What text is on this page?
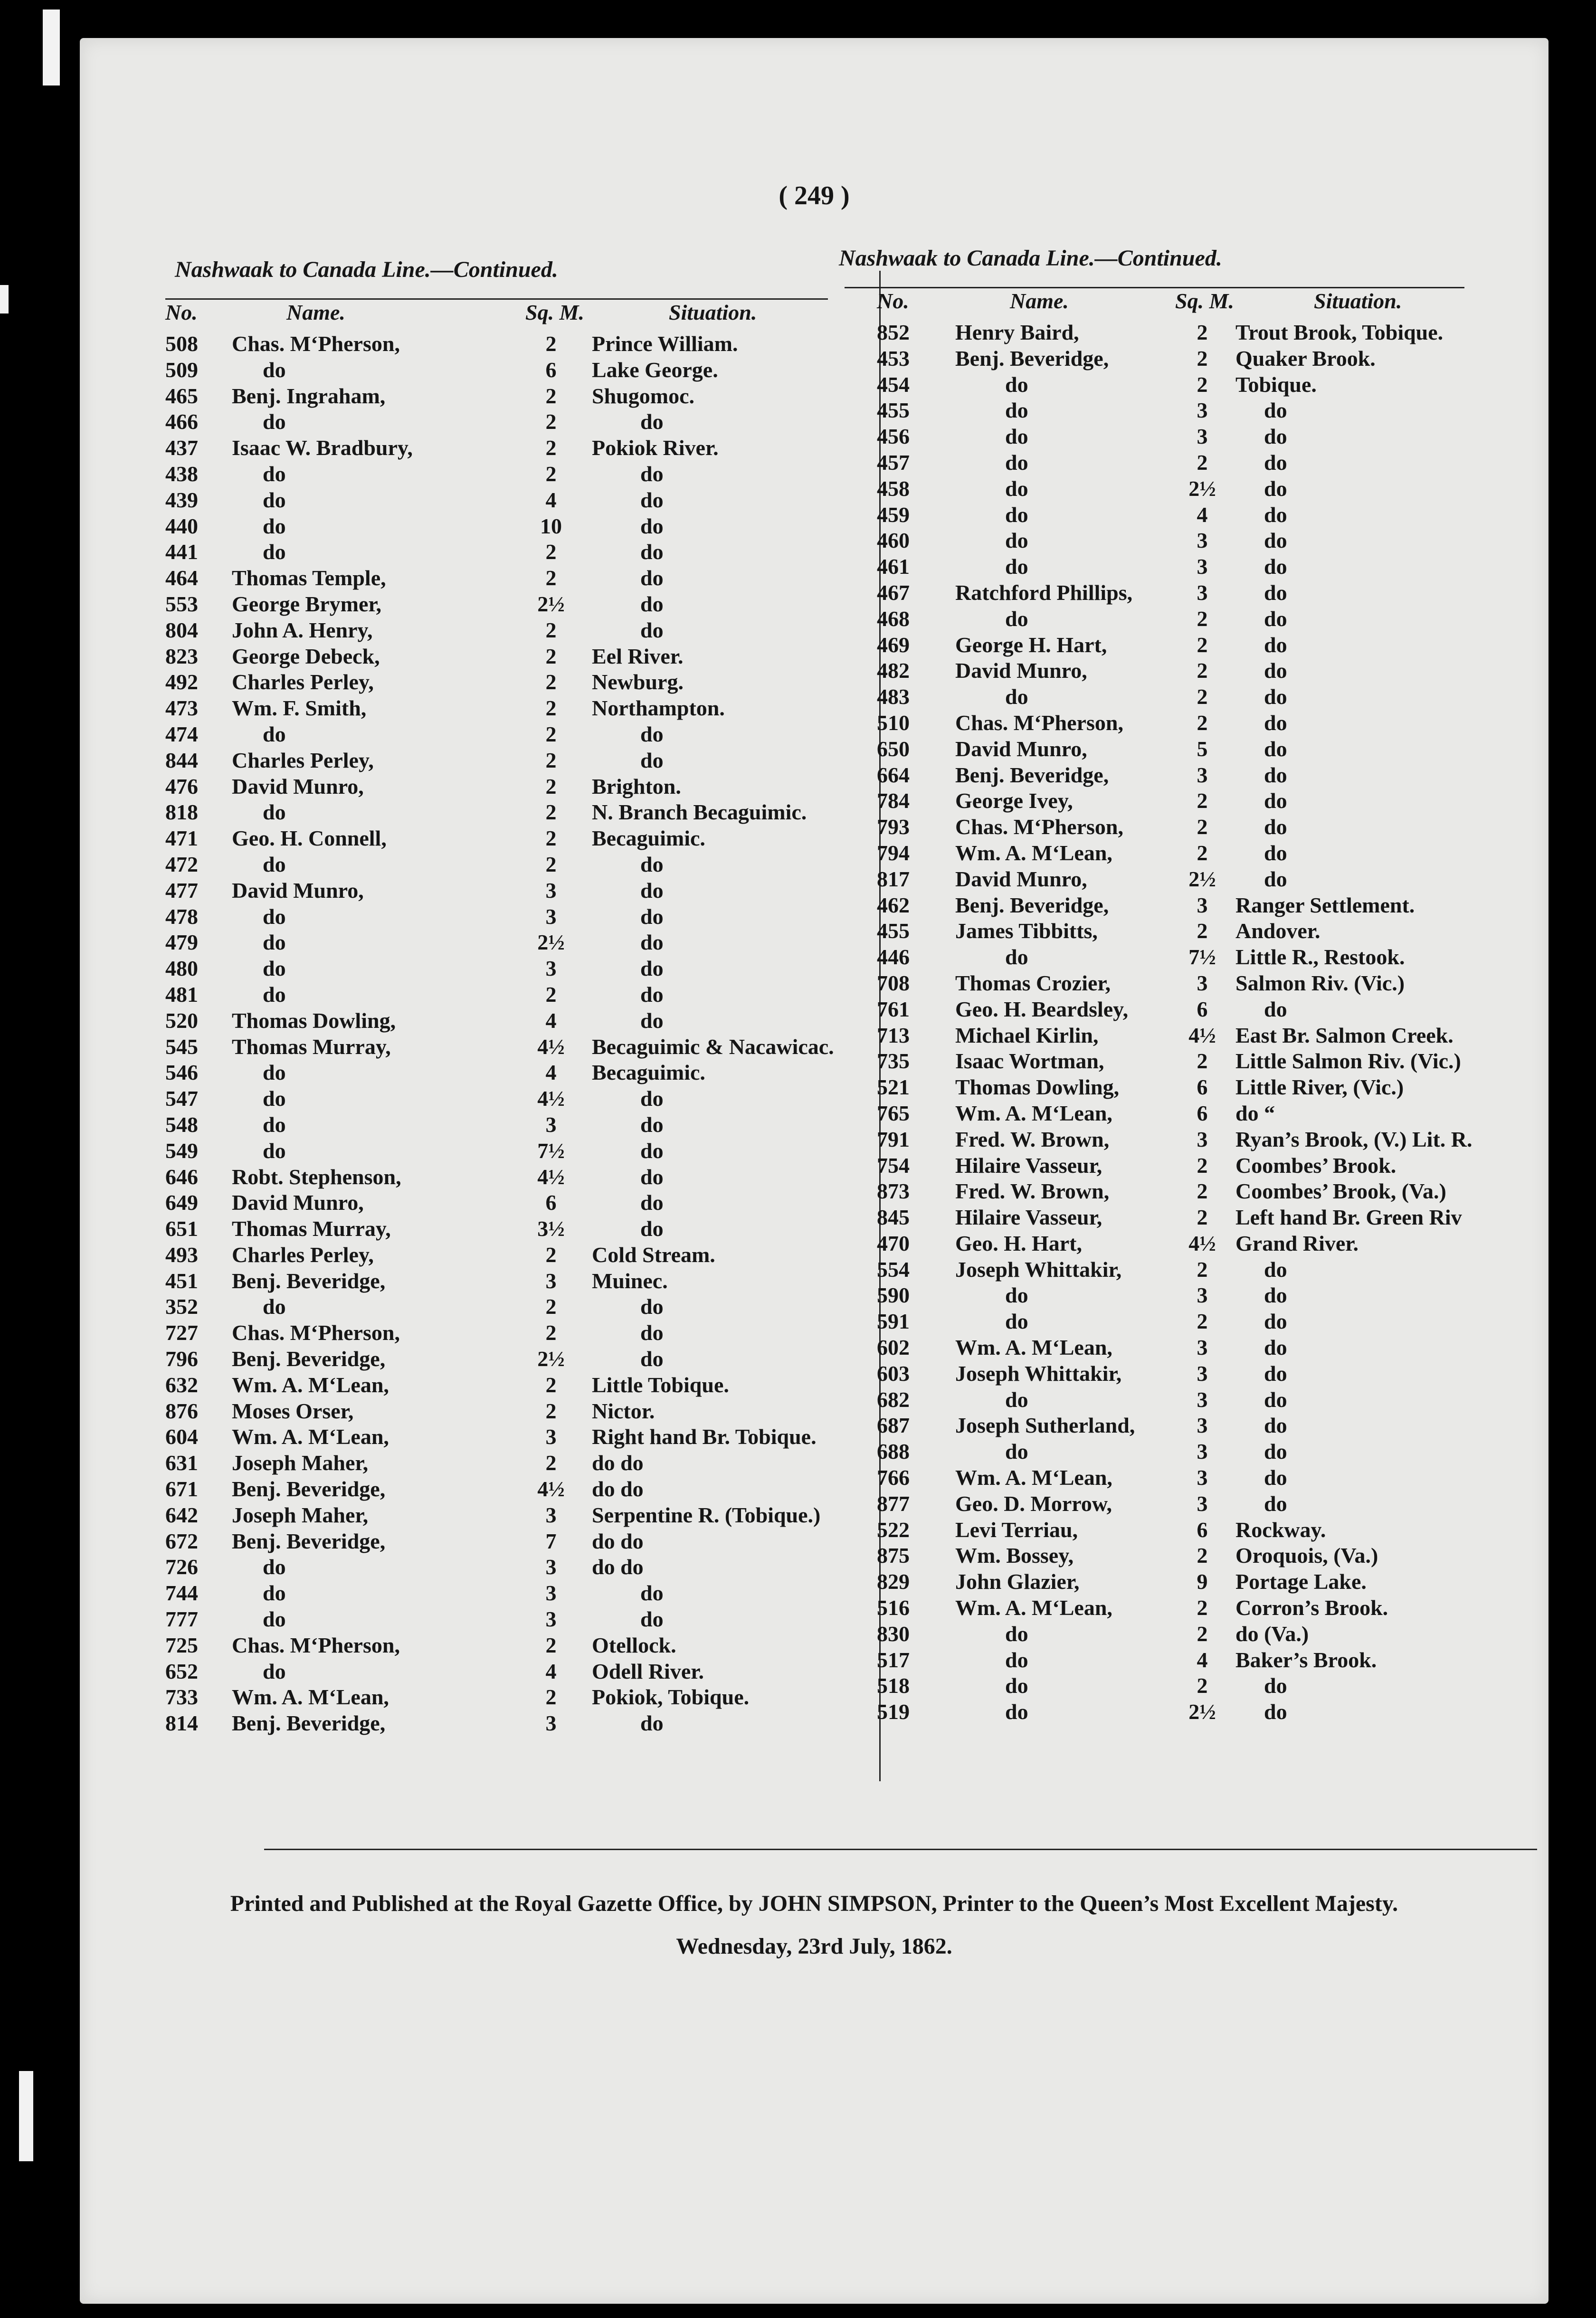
( 249 )
Nashwaak to Canada Line.—Continued.
No.	Name.	Sq. M.	Situation.
508 Chas. M‘Pherson,	2	Prince William.
509	do	6	Lake George.
465 Benj. Ingraham,	2	Shugomoc.
466	do	2	do
437 Isaac W. Bradbury,	2	Pokiok River.
438	do	2	do
439	do	4	do
440	do	10	do
441	do	2	do
464 Thomas Temple,	2	do
553 George Brymer,	2½	do
804 John A. Henry,	2	do
823 George Debeck,	2	Eel River.
492 Charles Perley,	2	Newburg.
473 Wm. F. Smith,	2	Northampton.
474	do	2	do
844 Charles Perley,	2	do
476 David Munro,	2	Brighton.
818	do	2	N. Branch Becaguimic.
471 Geo. H. Connell,	2	Becaguimic.
472	do	2	do
477 David Munro,	3	do
478	do	3	do
479	do	2½	do
480	do	3	do
481	do	2	do
520 Thomas Dowling,	4	do
545 Thomas Murray,	4½	Becaguimic & Nacawicac.
546	do	4	Becaguimic.
547	do	4½	do
548	do	3	do
549	do	7½	do
646 Robt. Stephenson,	4½	do
649 David Munro,	6	do
651 Thomas Murray,	3½	do
493 Charles Perley,	2	Cold Stream.
451 Benj. Beveridge,	3	Muinec.
352	do	2	do
727 Chas. M‘Pherson,	2	do
796 Benj. Beveridge,	2½	do
632 Wm. A. M‘Lean,	2	Little Tobique.
876 Moses Orser,	2	Nictor.
604 Wm. A. M‘Lean,	3	Right hand Br. Tobique.
631 Joseph Maher,	2	do do
671 Benj. Beveridge,	4½	do do
642 Joseph Maher,	3	Serpentine R. (Tobique.)
672 Benj. Beveridge,	7	do do
726	do	3	do do
744	do	3	do
777	do	3	do
725 Chas. M‘Pherson,	2	Otellock.
652	do	4	Odell River.
733 Wm. A. M‘Lean,	2	Pokiok, Tobique.
814 Benj. Beveridge,	3	do
Nashwaak to Canada Line.—Continued.
No.	Name.	Sq. M.	Situation.
852 Henry Baird,	2	Trout Brook, Tobique.
453 Benj. Beveridge,	2	Quaker Brook.
454	do	2	Tobique.
455	do	3	do
456	do	3	do
457	do	2	do
458	do	2½	do
459	do	4	do
460	do	3	do
461	do	3	do
467 Ratchford Phillips,	3	do
468	do	2	do
469 George H. Hart,	2	do
482 David Munro,	2	do
483	do	2	do
510 Chas. M‘Pherson,	2	do
650 David Munro,	5	do
664 Benj. Beveridge,	3	do
784 George Ivey,	2	do
793 Chas. M‘Pherson,	2	do
794 Wm. A. M‘Lean,	2	do
817 David Munro,	2½	do
462 Benj. Beveridge,	3	Ranger Settlement.
455 James Tibbitts,	2	Andover.
446	do	7½ Little R., Restook.
708 Thomas Crozier,	3	Salmon Riv. (Vic.)
761 Geo. H. Beardsley,	6	do
713 Michael Kirlin,	4½ East Br. Salmon Creek.
735 Isaac Wortman,	2	Little Salmon Riv. (Vic.)
521 Thomas Dowling,	6	Little River, (Vic.)
765 Wm. A. M‘Lean,	6	do “
791 Fred. W. Brown,	3	Ryan’s Brook, (V.) Lit. R.
754 Hilaire Vasseur,	2	Coombes’ Brook.
873 Fred. W. Brown,	2	Coombes’ Brook, (Va.)
845 Hilaire Vasseur,	2	Left hand Br. Green Riv
470 Geo. H. Hart,	4½ Grand River.
554 Joseph Whittakir,	2	do
590	do	3	do
591	do	2	do
602 Wm. A. M‘Lean,	3	do
603 Joseph Whittakir,	3	do
682	do	3	do
687 Joseph Sutherland,	3	do
688	do	3	do
766 Wm. A. M‘Lean,	3	do
877 Geo. D. Morrow,	3	do
522 Levi Terriau,	6	Rockway.
875 Wm. Bossey,	2	Oroquois, (Va.)
829 John Glazier,	9	Portage Lake.
516 Wm. A. M‘Lean,	2	Corron’s Brook.
830	do	2	do (Va.)
517	do	4	Baker’s Brook.
518	do	2	do
519	do	2½	do
Printed and Published at the Royal Gazette Office, by JOHN SIMPSON, Printer to the Queen’s Most Excellent Majesty.
Wednesday, 23rd July, 1862.
